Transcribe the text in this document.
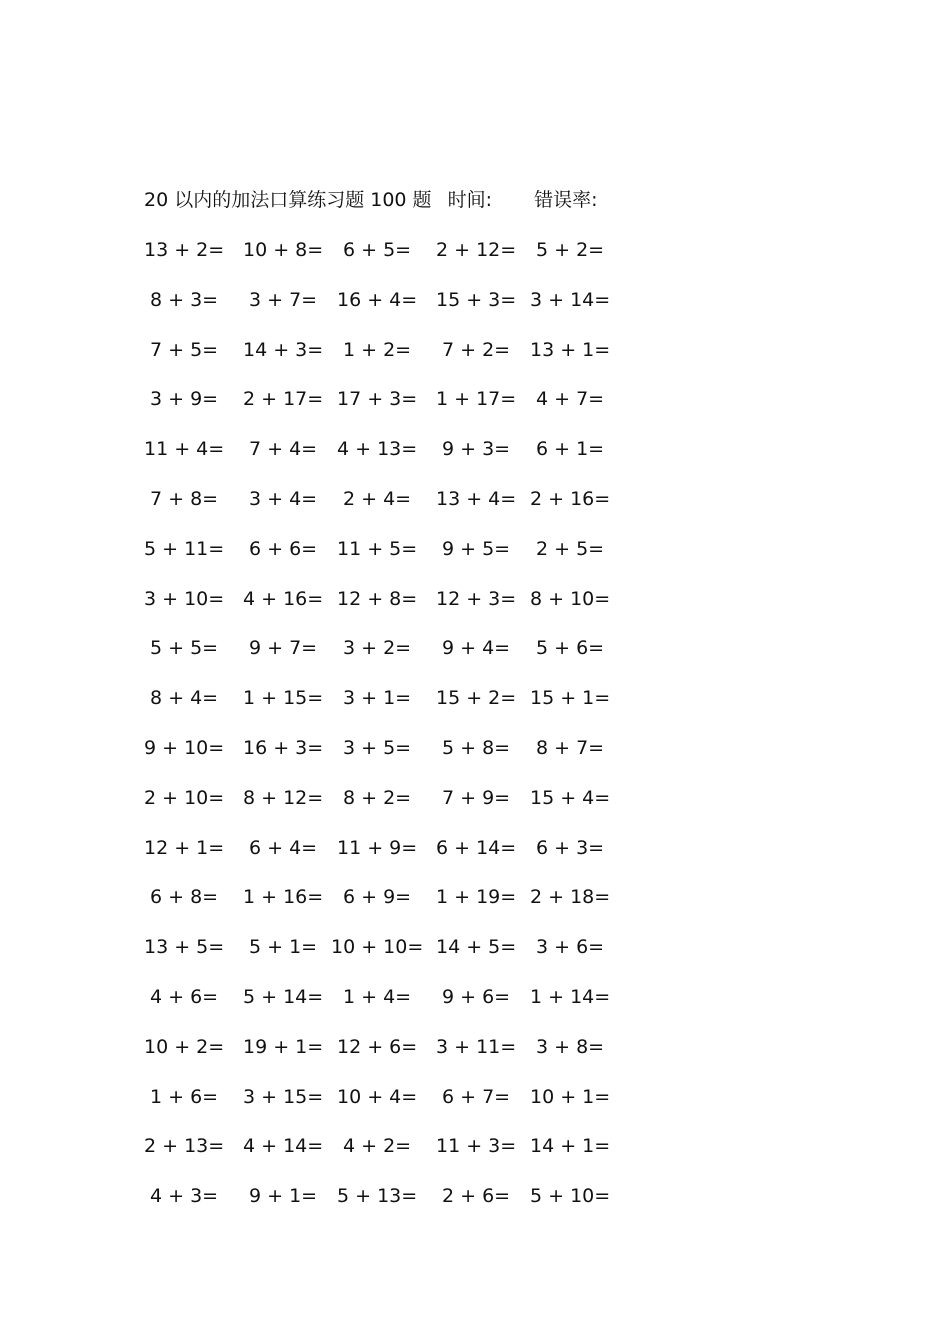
20 以内的加法口算练习题 100 题 时间: 错误率:
13 + 2= 10 + 8= 6 + 5= 2 + 12= 5 + 2=
8 + 3= 3 + 7= 16 + 4= 15 + 3= 3 + 14=
7 + 5= 14 + 3= 1 + 2= 7 + 2= 13 + 1=
3 + 9= 2 + 17= 17 + 3= 1 + 17= 4 + 7=
11 + 4= 7 + 4= 4 + 13= 9 + 3= 6 + 1=
7 + 8= 3 + 4= 2 + 4= 13 + 4= 2 + 16=
5 + 11= 6 + 6= 11 + 5= 9 + 5= 2 + 5=
3 + 10= 4 + 16= 12 + 8= 12 + 3= 8 + 10=
5 + 5= 9 + 7= 3 + 2= 9 + 4= 5 + 6=
8 + 4= 1 + 15= 3 + 1= 15 + 2= 15 + 1=
9 + 10= 16 + 3= 3 + 5= 5 + 8= 8 + 7=
2 + 10= 8 + 12= 8 + 2= 7 + 9= 15 + 4=
12 + 1= 6 + 4= 11 + 9= 6 + 14= 6 + 3=
6 + 8= 1 + 16= 6 + 9= 1 + 19= 2 + 18=
13 + 5= 5 + 1= 10 + 10= 14 + 5= 3 + 6=
4 + 6= 5 + 14= 1 + 4= 9 + 6= 1 + 14=
10 + 2= 19 + 1= 12 + 6= 3 + 11= 3 + 8=
1 + 6= 3 + 15= 10 + 4= 6 + 7= 10 + 1=
2 + 13= 4 + 14= 4 + 2= 11 + 3= 14 + 1=
4 + 3= 9 + 1= 5 + 13= 2 + 6= 5 + 10=
